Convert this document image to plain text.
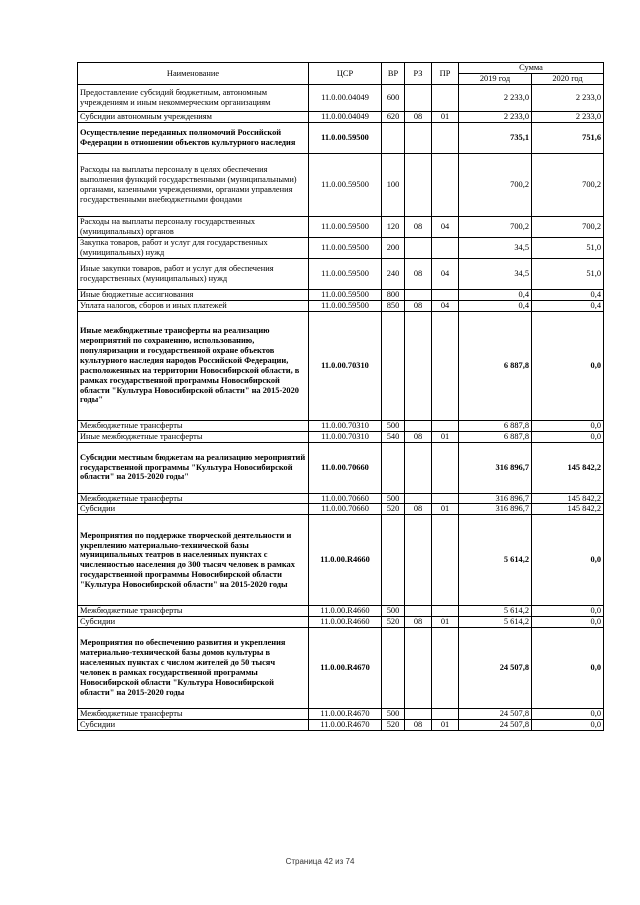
Наименование	ЦСР	ВР	РЗ	ПР	Сумма	
					2019 год	2020 год
Предоставление субсидий бюджетным, автономным учреждениям и иным некоммерческим организациям	11.0.00.04049	600			2 233,0	2 233,0
Субсидии автономным учреждениям	11.0.00.04049	620	08	01	2 233,0	2 233,0
Осуществление переданных полномочий Российской Федерации в отношении объектов культурного наследия	11.0.00.59500				735,1	751,6
Расходы на выплаты персоналу в целях обеспечения выполнения функций государственными (муниципальными) органами, казенными учреждениями, органами управления государственными внебюджетными фондами	11.0.00.59500	100			700,2	700,2
Расходы на выплаты персоналу государственных (муниципальных) органов	11.0.00.59500	120	08	04	700,2	700,2
Закупка товаров, работ и услуг для государственных (муниципальных) нужд	11.0.00.59500	200			34,5	51,0
Иные закупки товаров, работ и услуг для обеспечения государственных (муниципальных) нужд	11.0.00.59500	240	08	04	34,5	51,0
Иные бюджетные ассигнования	11.0.00.59500	800			0,4	0,4
Уплата налогов, сборов и иных платежей	11.0.00.59500	850	08	04	0,4	0,4
Иные межбюджетные трансферты на реализацию мероприятий по сохранению, использованию, популяризации и государственной охране объектов культурного наследия народов Российской Федерации, расположенных на территории Новосибирской области, в рамках государственной программы Новосибирской области "Культура Новосибирской области" на 2015-2020 годы"	11.0.00.70310				6 887,8	0,0
Межбюджетные трансферты	11.0.00.70310	500			6 887,8	0,0
Иные межбюджетные трансферты	11.0.00.70310	540	08	01	6 887,8	0,0
Субсидии местным бюджетам на реализацию мероприятий государственной программы "Культура Новосибирской области" на 2015-2020 годы"	11.0.00.70660				316 896,7	145 842,2
Межбюджетные трансферты	11.0.00.70660	500			316 896,7	145 842,2
Субсидии	11.0.00.70660	520	08	01	316 896,7	145 842,2
Мероприятия по поддержке творческой деятельности и укреплению материально-технической базы муниципальных театров в населенных пунктах с численностью населения до 300 тысяч человек в рамках государственной программы Новосибирской области "Культура Новосибирской области" на 2015-2020 годы	11.0.00.R4660				5 614,2	0,0
Межбюджетные трансферты	11.0.00.R4660	500			5 614,2	0,0
Субсидии	11.0.00.R4660	520	08	01	5 614,2	0,0
Мероприятия по обеспечению развития и укрепления материально-технической базы домов культуры в населенных пунктах с числом жителей до 50 тысяч человек в рамках государственной программы Новосибирской области "Культура Новосибирской области" на 2015-2020 годы	11.0.00.R4670				24 507,8	0,0
Межбюджетные трансферты	11.0.00.R4670	500			24 507,8	0,0
Субсидии	11.0.00.R4670	520	08	01	24 507,8	0,0
Страница 42 из 74
